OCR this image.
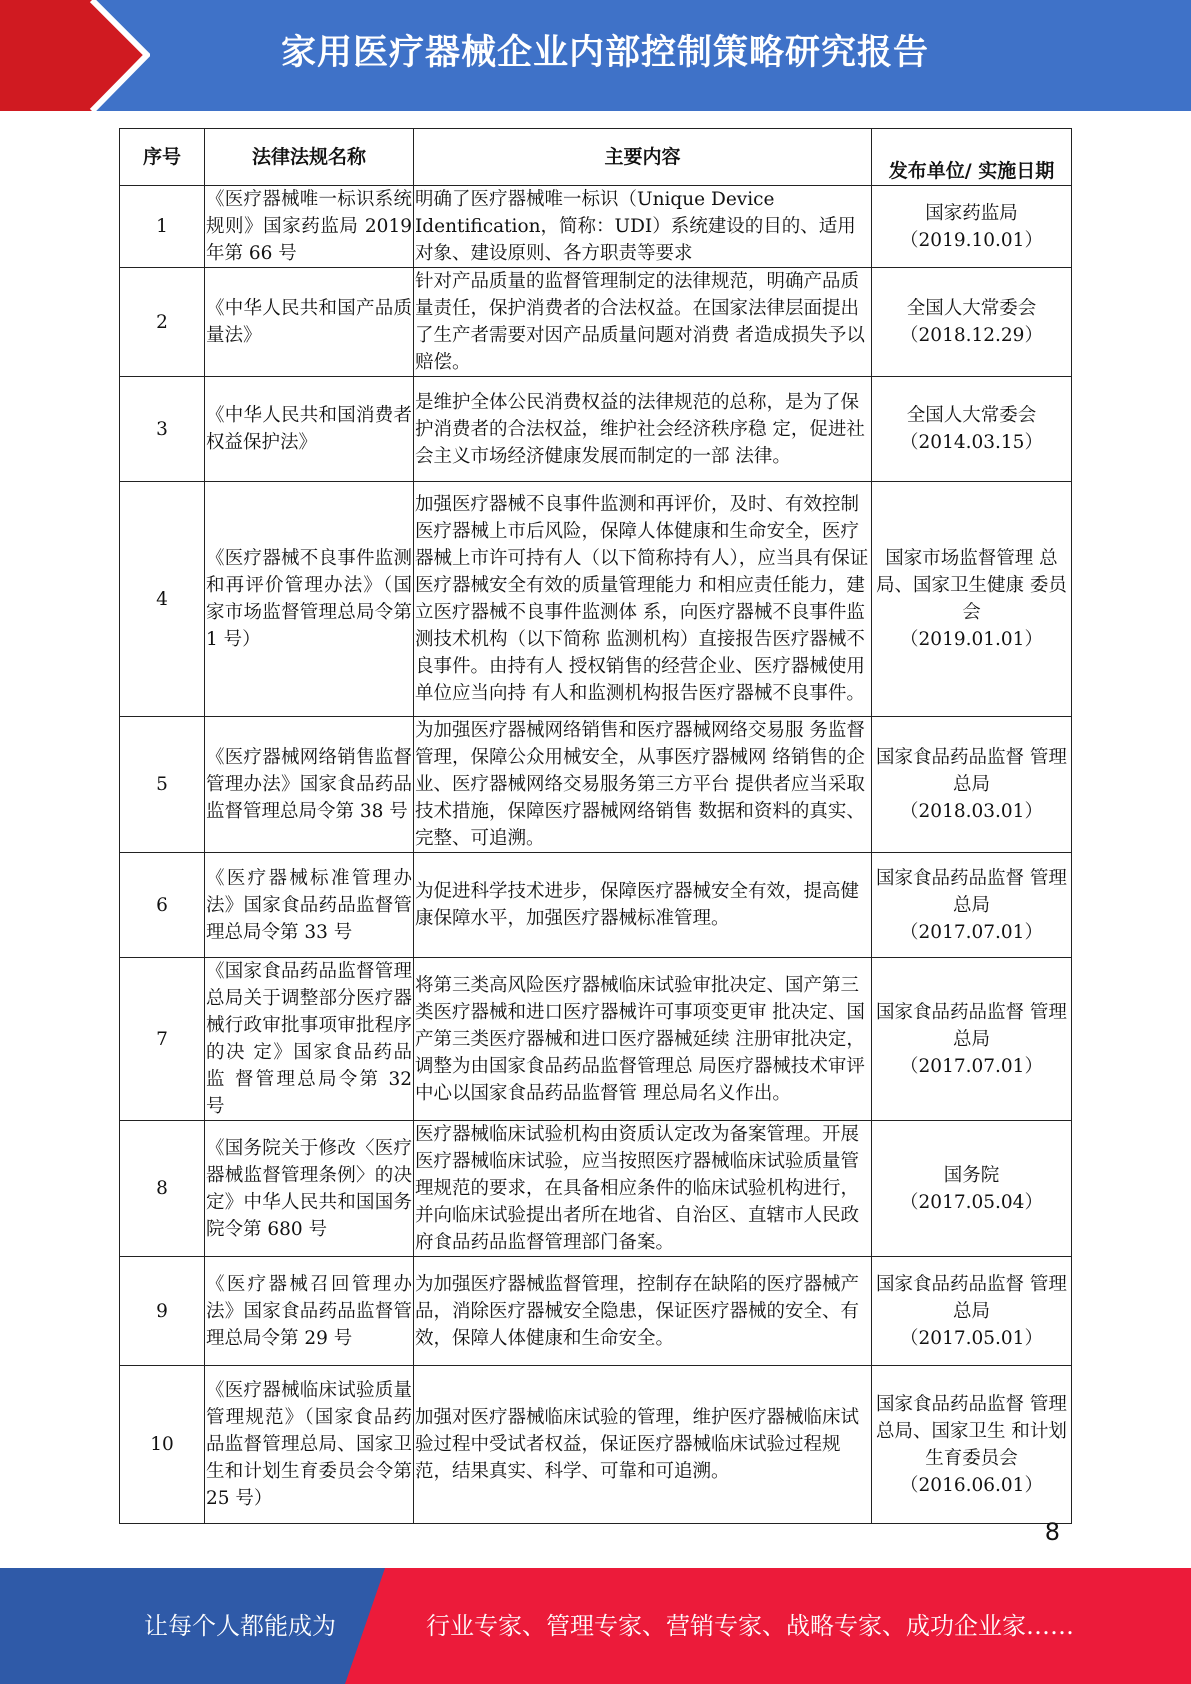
家用医疗器械企业内部控制策略研究报告
序号	法律法规名称	主要内容	发布单位/ 实施日期
1	《医疗器械唯一标识系统规则》国家药监局 2019 年第 66 号	明确了医疗器械唯一标识（Unique Device Identification，简称：UDI）系统建设的目的、适用 对象、建设原则、各方职责等要求	国家药监局
（2019.10.01）

2	《中华人民共和国产品质量法》	针对产品质量的监督管理制定的法律规范，明确产品质量责任，保护消费者的合法权益。在国家法律层面提出了生产者需要对因产品质量问题对消费 者造成损失予以赔偿。	全国人大常委会
（2018.12.29）

3	《中华人民共和国消费者权益保护法》	是维护全体公民消费权益的法律规范的总称，是为了保护消费者的合法权益，维护社会经济秩序稳 定，促进社会主义市场经济健康发展而制定的一部 法律。	全国人大常委会
（2014.03.15）

4	《医疗器械不良事件监测和再评价管理办法》（国家市场监督管理总局令第 1 号）	加强医疗器械不良事件监测和再评价，及时、有效控制医疗器械上市后风险，保障人体健康和生命安全，医疗器械上市许可持有人（以下简称持有人），应当具有保证医疗器械安全有效的质量管理能力 和相应责任能力，建立医疗器械不良事件监测体 系，向医疗器械不良事件监测技术机构（以下简称 监测机构）直接报告医疗器械不良事件。由持有人 授权销售的经营企业、医疗器械使用单位应当向持 有人和监测机构报告医疗器械不良事件。	国家市场监督管理 总局、国家卫生健康 委员会
（2019.01.01）

5	《医疗器械网络销售监督管理办法》国家食品药品监督管理总局令第 38 号	为加强医疗器械网络销售和医疗器械网络交易服 务监督管理，保障公众用械安全，从事医疗器械网 络销售的企业、医疗器械网络交易服务第三方平台 提供者应当采取技术措施，保障医疗器械网络销售 数据和资料的真实、完整、可追溯。	国家食品药品监督 管理总局
（2018.03.01）

6	《医疗器械标准管理办法》国家食品药品监督管理总局令第 33 号	为促进科学技术进步，保障医疗器械安全有效，提高健康保障水平，加强医疗器械标准管理。	国家食品药品监督 管理总局
（2017.07.01）

7	《国家食品药品监督管理总局关于调整部分医疗器械行政审批事项审批程序的决 定》国家食品药品监 督管理总局令第 32 号	将第三类高风险医疗器械临床试验审批决定、国产第三类医疗器械和进口医疗器械许可事项变更审 批决定、国产第三类医疗器械和进口医疗器械延续 注册审批决定，调整为由国家食品药品监督管理总 局医疗器械技术审评中心以国家食品药品监督管 理总局名义作出。	国家食品药品监督 管理总局
（2017.07.01）

8	《国务院关于修改〈医疗器械监督管理条例〉的决定》中华人民共和国国务院令第 680 号	医疗器械临床试验机构由资质认定改为备案管理。开展医疗器械临床试验，应当按照医疗器械临床试验质量管理规范的要求，在具备相应条件的临床试验机构进行，并向临床试验提出者所在地省、自治区、直辖市人民政府食品药品监督管理部门备案。	国务院
（2017.05.04）

9	《医疗器械召回管理办法》国家食品药品监督管理总局令第 29 号	为加强医疗器械监督管理，控制存在缺陷的医疗器械产品，消除医疗器械安全隐患，保证医疗器械的安全、有效，保障人体健康和生命安全。	国家食品药品监督 管理总局
（2017.05.01）

10	《医疗器械临床试验质量管理规范》（国家食品药品监督管理总局、国家卫生和计划生育委员会令第 25 号）	加强对医疗器械临床试验的管理，维护医疗器械临床试验过程中受试者权益，保证医疗器械临床试验过程规范，结果真实、科学、可靠和可追溯。	国家食品药品监督 管理总局、国家卫生 和计划生育委员会
（2016.06.01）
8
让每个人都能成为	行业专家、管理专家、营销专家、战略专家、成功企业家……
